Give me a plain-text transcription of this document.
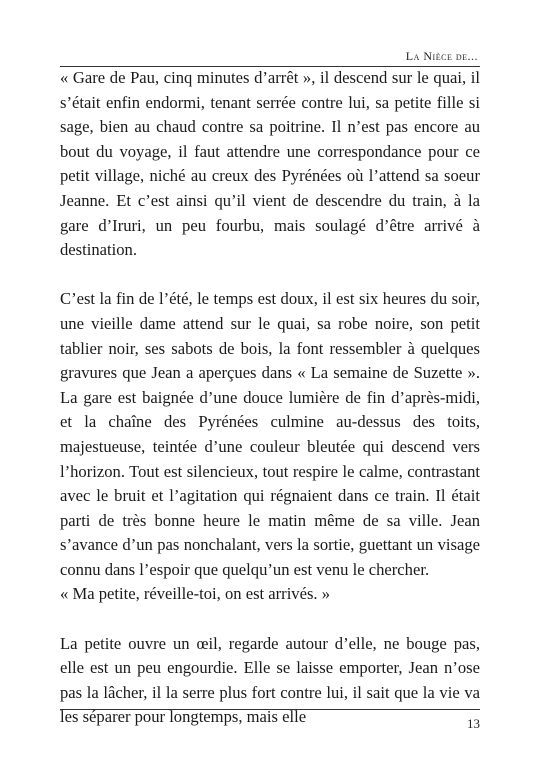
La Nièce de...

« Gare de Pau, cinq minutes d’arrêt », il descend sur le quai, il s’était enfin endormi, tenant serrée contre lui, sa petite fille si sage, bien au chaud contre sa poitrine. Il n’est pas encore au bout du voyage, il faut attendre une correspondance pour ce petit village, niché au creux des Pyrénées où l’attend sa soeur Jeanne. Et c’est ainsi qu’il vient de descendre du train, à la gare d’Iruri, un peu fourbu, mais soulagé d’être arrivé à destination.

C’est la fin de l’été, le temps est doux, il est six heures du soir, une vieille dame attend sur le quai, sa robe noire, son petit tablier noir, ses sabots de bois, la font ressembler à quelques gravures que Jean a aperçues dans « La semaine de Suzette ». La gare est baignée d’une douce lumière de fin d’après-midi, et la chaîne des Pyrénées culmine au-dessus des toits, majestueuse, teintée d’une couleur bleutée qui descend vers l’horizon. Tout est silencieux, tout respire le calme, contrastant avec le bruit et l’agitation qui régnaient dans ce train. Il était parti de très bonne heure le matin même de sa ville. Jean s’avance d’un pas nonchalant, vers la sortie, guettant un visage connu dans l’espoir que quelqu’un est venu le chercher.

« Ma petite, réveille-toi, on est arrivés. »

La petite ouvre un œil, regarde autour d’elle, ne bouge pas, elle est un peu engourdie. Elle se laisse emporter, Jean n’ose pas la lâcher, il la serre plus fort contre lui, il sait que la vie va les séparer pour longtemps, mais elle	13
